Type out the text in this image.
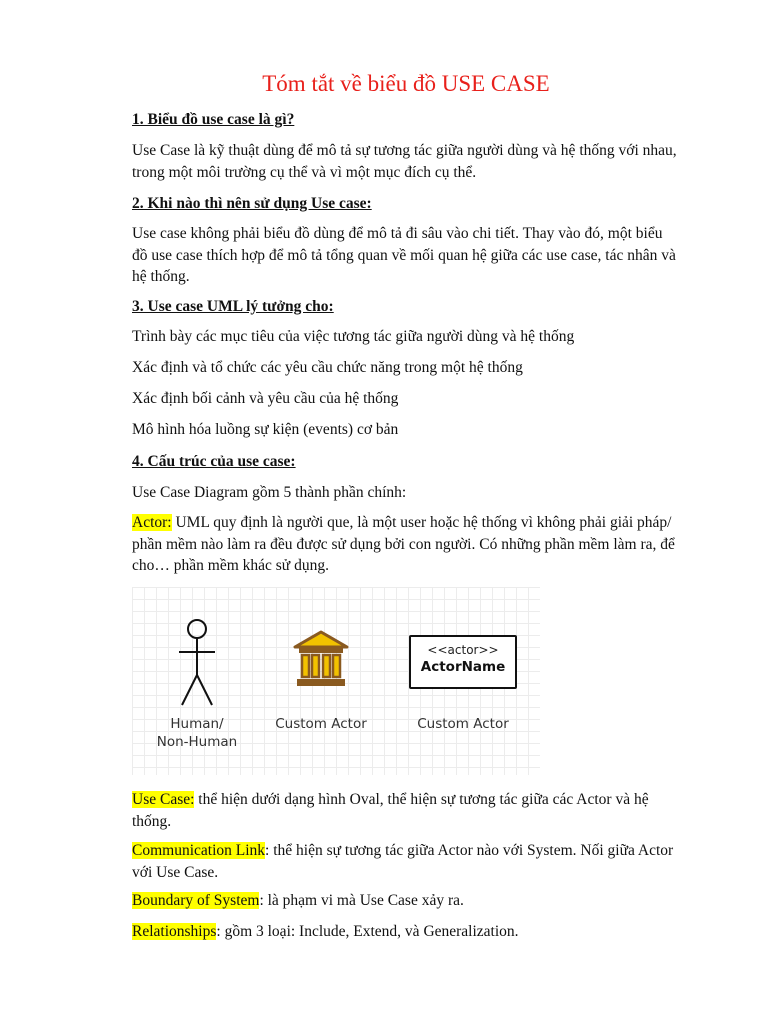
Tóm tắt về biểu đồ USE CASE
1. Biểu đồ use case là gì?

Use Case là kỹ thuật dùng để mô tả sự tương tác giữa người dùng và hệ thống với nhau, trong một môi trường cụ thể và vì một mục đích cụ thể.

2. Khi nào thì nên sử dụng Use case:

Use case không phải biểu đồ dùng để mô tả đi sâu vào chi tiết. Thay vào đó, một biểu đồ use case thích hợp để mô tả tổng quan về mối quan hệ giữa các use case, tác nhân và hệ thống.

3. Use case UML lý tưởng cho:

Trình bày các mục tiêu của việc tương tác giữa người dùng và hệ thống

Xác định và tổ chức các yêu cầu chức năng trong một hệ thống

Xác định bối cảnh và yêu cầu của hệ thống

Mô hình hóa luồng sự kiện (events) cơ bản

4. Cấu trúc của use case:

Use Case Diagram gồm 5 thành phần chính:

Actor: UML quy định là người que, là một user hoặc hệ thống vì không phải giải pháp/ phần mềm nào làm ra đều được sử dụng bởi con người. Có những phần mềm làm ra, để cho… phần mềm khác sử dụng.

Human/
Non-Human
Custom Actor
<<actor>>
ActorName
Custom Actor

Use Case: thể hiện dưới dạng hình Oval, thể hiện sự tương tác giữa các Actor và hệ thống.

Communication Link: thể hiện sự tương tác giữa Actor nào với System. Nối giữa Actor với Use Case.

Boundary of System: là phạm vi mà Use Case xảy ra.

Relationships: gồm 3 loại: Include, Extend, và Generalization.
